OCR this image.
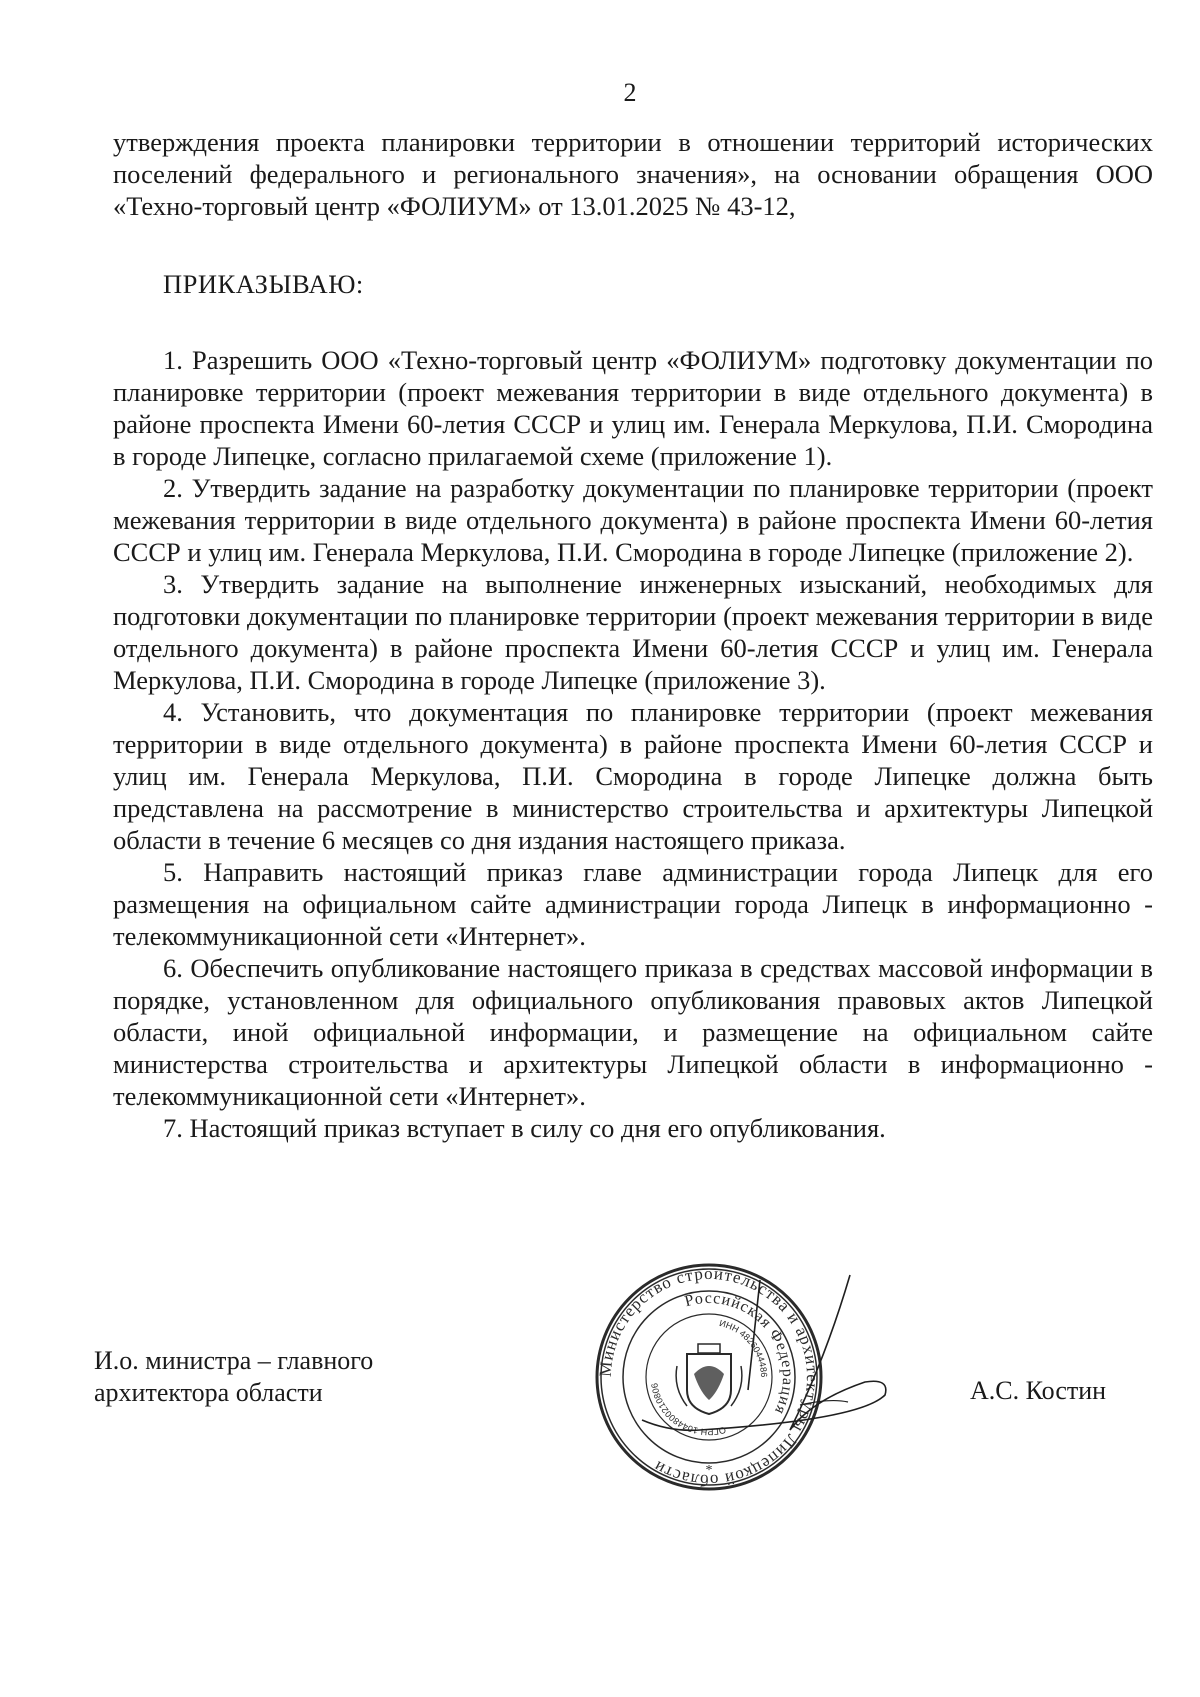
2

утверждения проекта планировки территории в отношении территорий исторических поселений федерального и регионального значения», на основании обращения ООО «Техно-торговый центр «ФОЛИУМ» от 13.01.2025 № 43-12,

ПРИКАЗЫВАЮ:

1. Разрешить ООО «Техно-торговый центр «ФОЛИУМ» подготовку документации по планировке территории (проект межевания территории в виде отдельного документа) в районе проспекта Имени 60-летия СССР и улиц им. Генерала Меркулова, П.И. Смородина в городе Липецке, согласно прилагаемой схеме (приложение 1).

2. Утвердить задание на разработку документации по планировке территории (проект межевания территории в виде отдельного документа) в районе проспекта Имени 60-летия СССР и улиц им. Генерала Меркулова, П.И. Смородина в городе Липецке (приложение 2).

3. Утвердить задание на выполнение инженерных изысканий, необходимых для подготовки документации по планировке территории (проект межевания территории в виде отдельного документа) в районе проспекта Имени 60-летия СССР и улиц им. Генерала Меркулова, П.И. Смородина в городе Липецке (приложение 3).

4. Установить, что документация по планировке территории (проект межевания территории в виде отдельного документа) в районе проспекта Имени 60-летия СССР и улиц им. Генерала Меркулова, П.И. Смородина в городе Липецке должна быть представлена на рассмотрение в министерство строительства и архитектуры Липецкой области в течение 6 месяцев со дня издания настоящего приказа.

5. Направить настоящий приказ главе администрации города Липецк для его размещения на официальном сайте администрации города Липецк в информационно - телекоммуникационной сети «Интернет».

6. Обеспечить опубликование настоящего приказа в средствах массовой информации в порядке, установленном для официального опубликования правовых актов Липецкой области, иной официальной информации, и размещение на официальном сайте министерства строительства и архитектуры Липецкой области в информационно - телекоммуникационной сети «Интернет».

7. Настоящий приказ вступает в силу со дня его опубликования.

И.о. министра – главного
архитектора области
Министерство строительства и архитектуры Липецкой области
Российская Федерация
ИНН 4826044486
ОГРН 1044800210806
*
А.С. Костин
